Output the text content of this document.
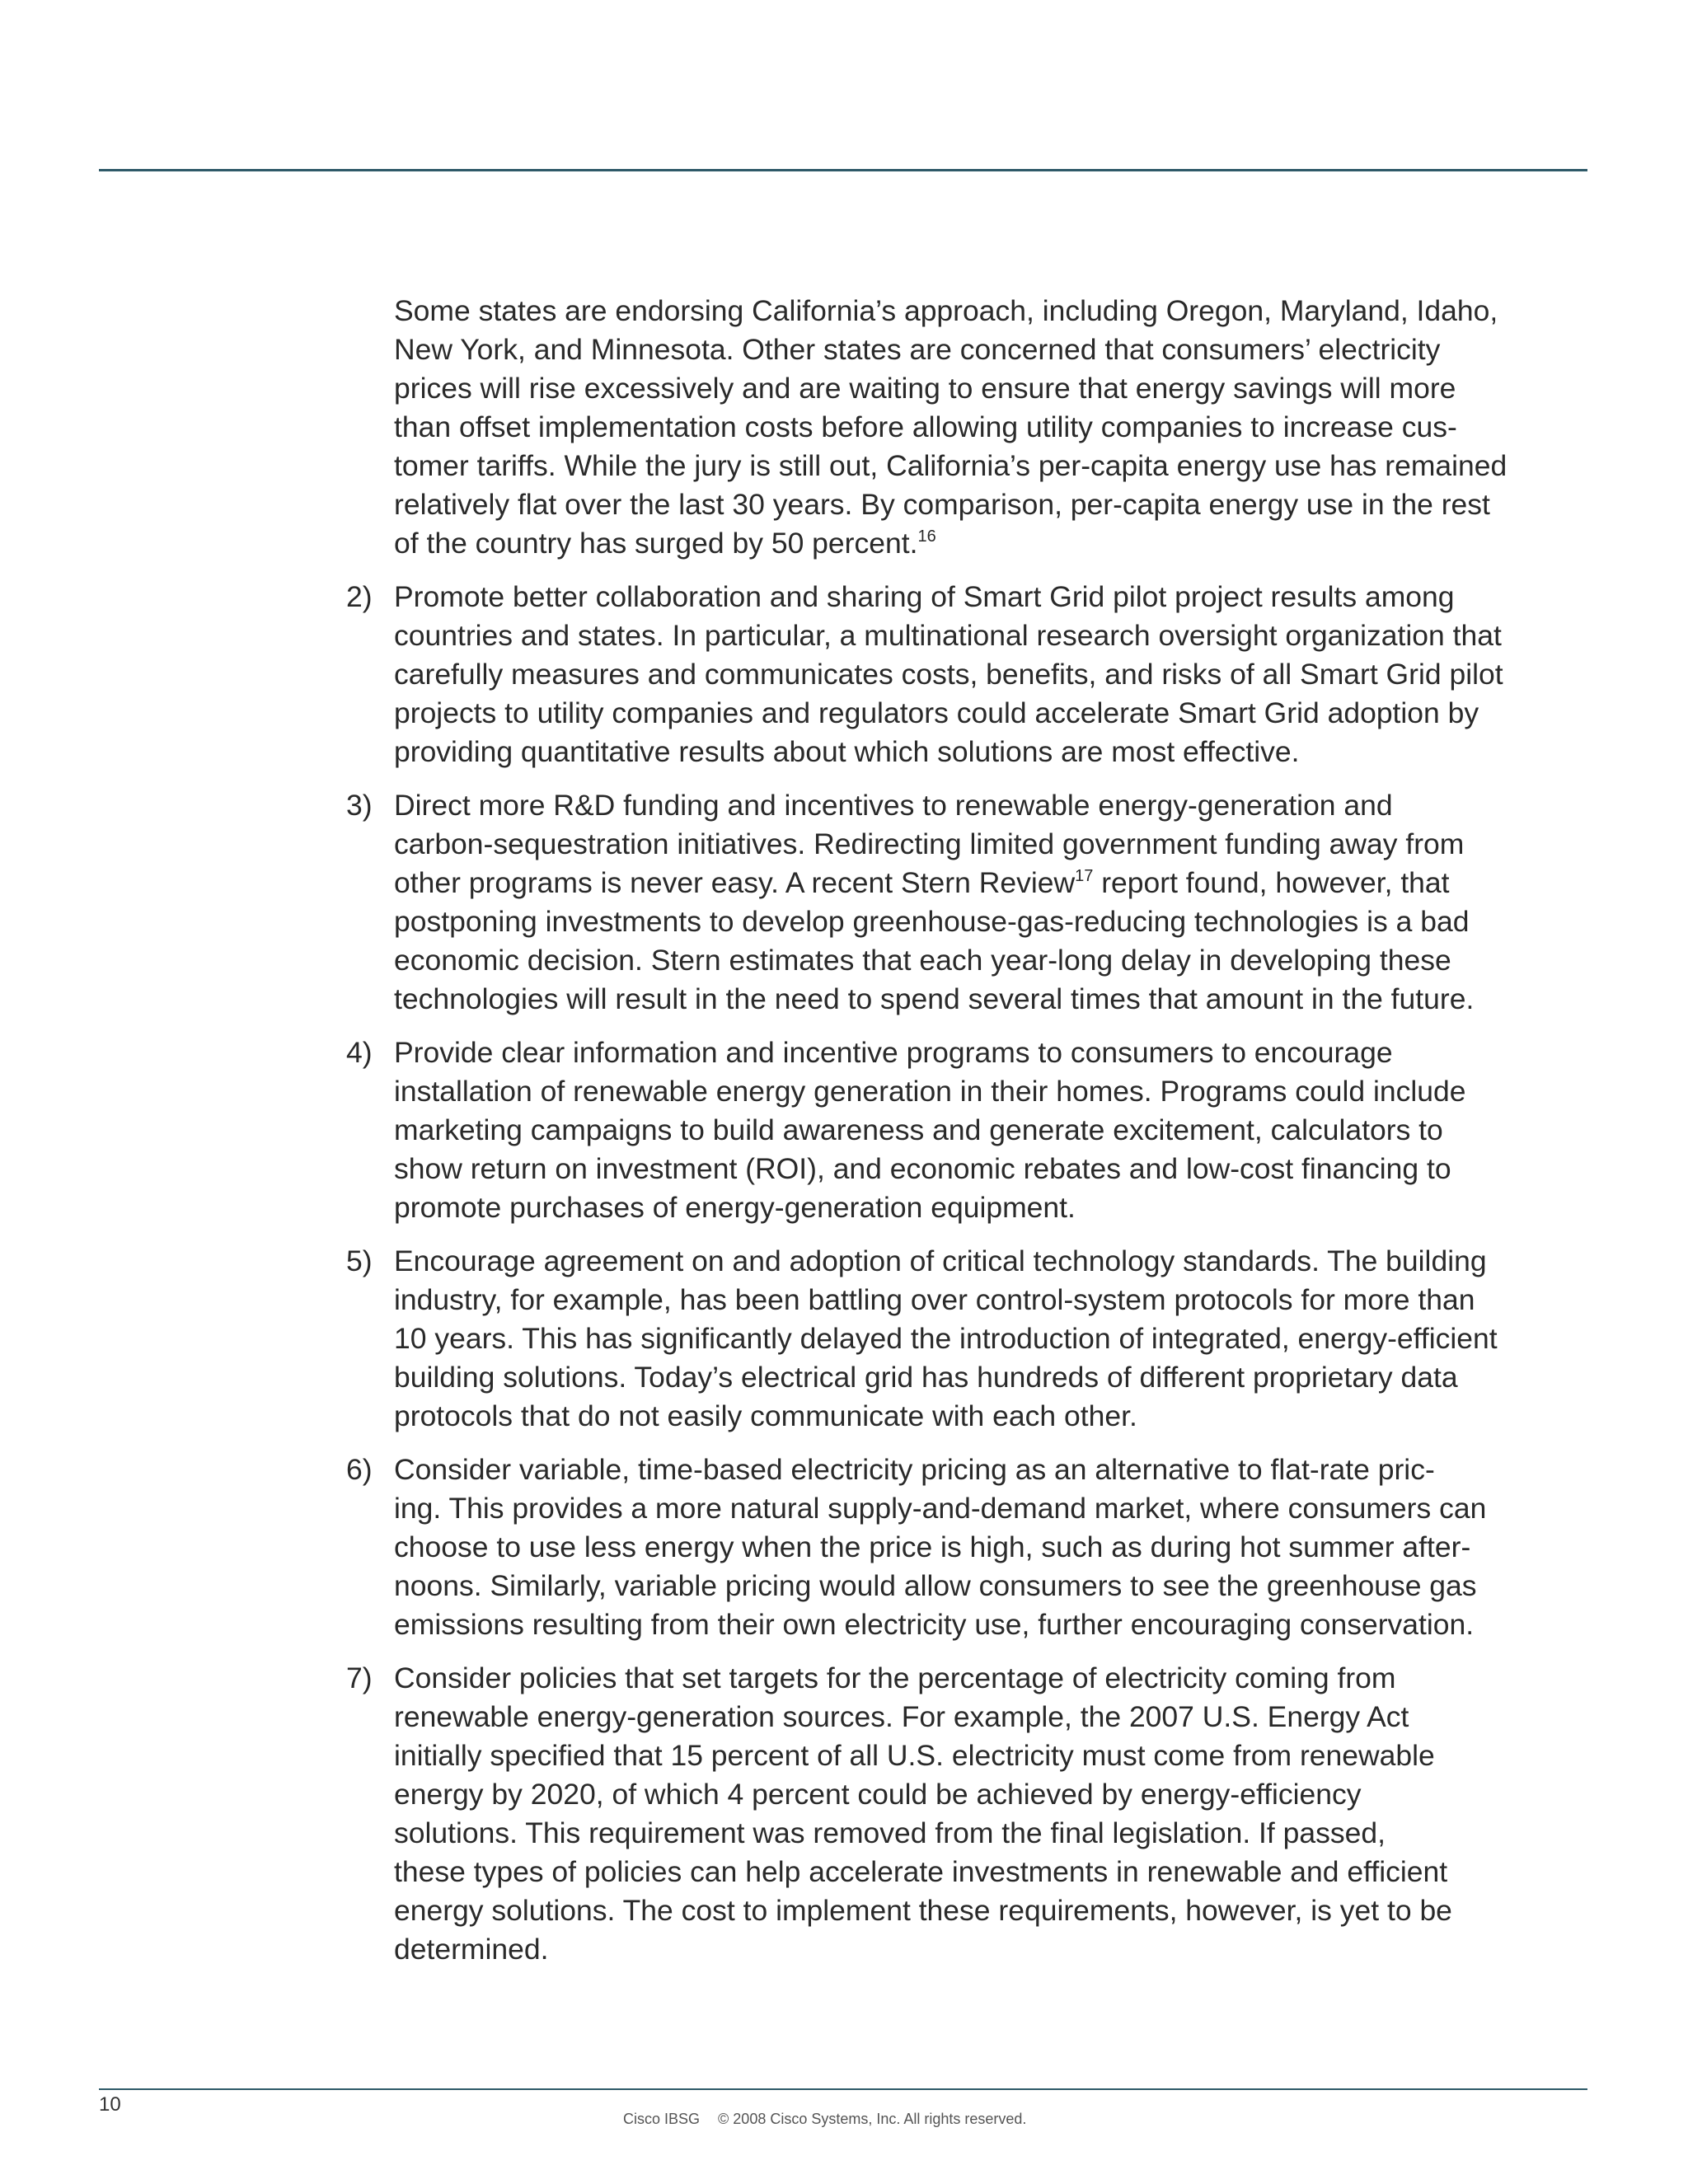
Some states are endorsing California’s approach, including Oregon, Maryland, Idaho,
New York, and Minnesota. Other states are concerned that consumers’ electricity
prices will rise excessively and are waiting to ensure that energy savings will more
than offset implementation costs before allowing utility companies to increase cus-
tomer tariffs. While the jury is still out, California’s per-capita energy use has remained
relatively flat over the last 30 years. By comparison, per-capita energy use in the rest
of the country has surged by 50 percent.$^{16}$
2) Promote better collaboration and sharing of Smart Grid pilot project results among
countries and states. In particular, a multinational research oversight organization that
carefully measures and communicates costs, benefits, and risks of all Smart Grid pilot
projects to utility companies and regulators could accelerate Smart Grid adoption by
providing quantitative results about which solutions are most effective.
3) Direct more R&D funding and incentives to renewable energy-generation and
carbon-sequestration initiatives. Redirecting limited government funding away from
other programs is never easy. A recent Stern Review$^{17}$ report found, however, that
postponing investments to develop greenhouse-gas-reducing technologies is a bad
economic decision. Stern estimates that each year-long delay in developing these
technologies will result in the need to spend several times that amount in the future.
4) Provide clear information and incentive programs to consumers to encourage
installation of renewable energy generation in their homes. Programs could include
marketing campaigns to build awareness and generate excitement, calculators to
show return on investment (ROI), and economic rebates and low-cost financing to
promote purchases of energy-generation equipment.
5) Encourage agreement on and adoption of critical technology standards. The building
industry, for example, has been battling over control-system protocols for more than
10 years. This has significantly delayed the introduction of integrated, energy-efficient
building solutions. Today’s electrical grid has hundreds of different proprietary data
protocols that do not easily communicate with each other.
6) Consider variable, time-based electricity pricing as an alternative to flat-rate pric-
ing. This provides a more natural supply-and-demand market, where consumers can
choose to use less energy when the price is high, such as during hot summer after-
noons. Similarly, variable pricing would allow consumers to see the greenhouse gas
emissions resulting from their own electricity use, further encouraging conservation.
7) Consider policies that set targets for the percentage of electricity coming from
renewable energy-generation sources. For example, the 2007 U.S. Energy Act
initially specified that 15 percent of all U.S. electricity must come from renewable
energy by 2020, of which 4 percent could be achieved by energy-efficiency
solutions. This requirement was removed from the final legislation. If passed,
these types of policies can help accelerate investments in renewable and efficient
energy solutions. The cost to implement these requirements, however, is yet to be
determined.
10
Cisco IBSG © 2008 Cisco Systems, Inc. All rights reserved.
